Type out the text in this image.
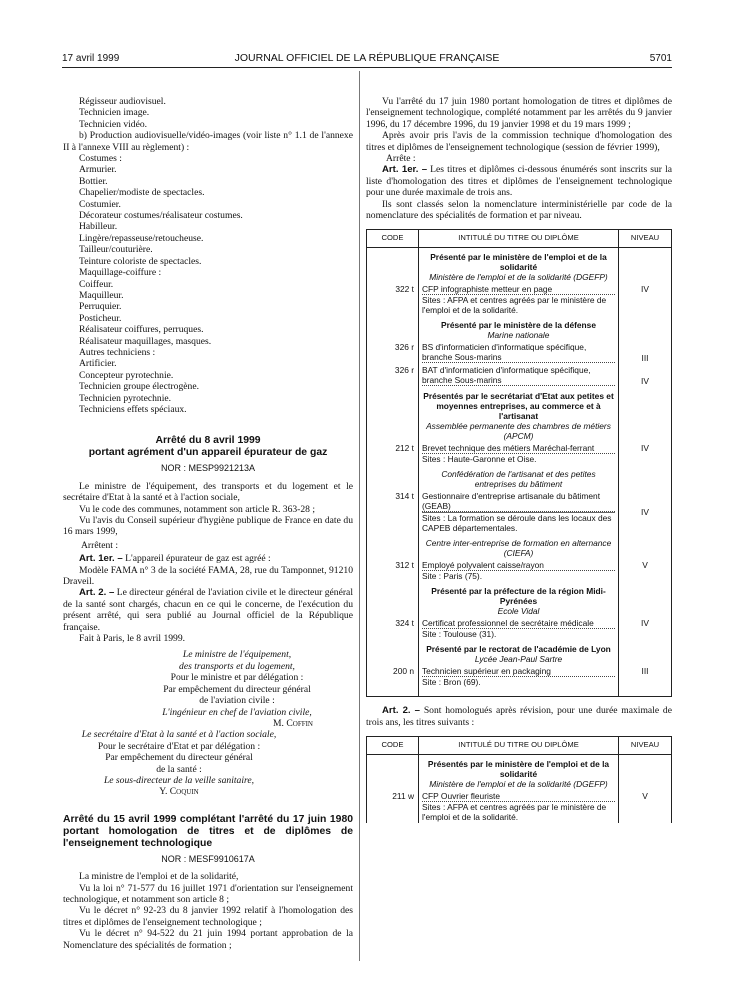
17 avril 1999	JOURNAL OFFICIEL DE LA RÉPUBLIQUE FRANÇAISE	5701

Régisseur audiovisuel.

Technicien image.

Technicien vidéo.

b) Production audiovisuelle/vidéo-images (voir liste n° 1.1 de l'annexe II à l'annexe VIII au règlement) :

Costumes :

Armurier.

Bottier.

Chapelier/modiste de spectacles.

Costumier.

Décorateur costumes/réalisateur costumes.

Habilleur.

Lingère/repasseuse/retoucheuse.

Tailleur/couturière.

Teinture coloriste de spectacles.

Maquillage-coiffure :

Coiffeur.

Maquilleur.

Perruquier.

Posticheur.

Réalisateur coiffures, perruques.

Réalisateur maquillages, masques.

Autres techniciens :

Artificier.

Concepteur pyrotechnie.

Technicien groupe électrogène.

Technicien pyrotechnie.

Techniciens effets spéciaux.

Arrêté du 8 avril 1999
portant agrément d'un appareil épurateur de gaz
NOR : MESP9921213A

Le ministre de l'équipement, des transports et du logement et le secrétaire d'Etat à la santé et à l'action sociale,

Vu le code des communes, notamment son article R. 363-28 ;

Vu l'avis du Conseil supérieur d'hygiène publique de France en date du 16 mars 1999,

Arrêtent :

Art. 1er. – L'appareil épurateur de gaz est agréé :

Modèle FAMA n° 3 de la société FAMA, 28, rue du Tamponnet, 91210 Draveil.

Art. 2. – Le directeur général de l'aviation civile et le directeur général de la santé sont chargés, chacun en ce qui le concerne, de l'exécution du présent arrêté, qui sera publié au Journal officiel de la République française.

Fait à Paris, le 8 avril 1999.

Le ministre de l'équipement,

des transports et du logement,

Pour le ministre et par délégation :

Par empêchement du directeur général

de l'aviation civile :

L'ingénieur en chef de l'aviation civile,

M. Coffin

Le secrétaire d'Etat à la santé et à l'action sociale,

Pour le secrétaire d'Etat et par délégation :

Par empêchement du directeur général

de la santé :

Le sous-directeur de la veille sanitaire,

Y. Coquin

Arrêté du 15 avril 1999 complétant l'arrêté du 17 juin 1980 portant homologation de titres et de diplômes de l'enseignement technologique
NOR : MESF9910617A

La ministre de l'emploi et de la solidarité,

Vu la loi n° 71-577 du 16 juillet 1971 d'orientation sur l'enseignement technologique, et notamment son article 8 ;

Vu le décret n° 92-23 du 8 janvier 1992 relatif à l'homologation des titres et diplômes de l'enseignement technologique ;

Vu le décret n° 94-522 du 21 juin 1994 portant approbation de la Nomenclature des spécialités de formation ;

Vu l'arrêté du 17 juin 1980 portant homologation de titres et diplômes de l'enseignement technologique, complété notamment par les arrêtés du 9 janvier 1996, du 17 décembre 1996, du 19 janvier 1998 et du 19 mars 1999 ;

Après avoir pris l'avis de la commission technique d'homologation des titres et diplômes de l'enseignement technologique (session de février 1999),

Arrête :

Art. 1er. – Les titres et diplômes ci-dessous énumérés sont inscrits sur la liste d'homologation des titres et diplômes de l'enseignement technologique pour une durée maximale de trois ans.

Ils sont classés selon la nomenclature interministérielle par code de la nomenclature des spécialités de formation et par niveau.

CODE	INTITULÉ DU TITRE OU DIPLÔME	NIVEAU

	Présenté par le ministère de l'emploi et de la solidarité
Ministère de l'emploi et de la solidarité (DGEFP)	

322 t	CFP infographiste metteur en page
Sites : AFPA et centres agréés par le ministère de l'emploi et de la solidarité.	IV

	Présenté par le ministère de la défense
Marine nationale	

326 r	BS d'informaticien d'informatique spécifique, branche Sous-marins	III
326 r	BAT d'informaticien d'informatique spécifique, branche Sous-marins	IV

	Présentés par le secrétariat d'Etat aux petites et moyennes entreprises, au commerce et à l'artisanat
Assemblée permanente des chambres de métiers (APCM)	

212 t	Brevet technique des métiers Maréchal-ferrant
Sites : Haute-Garonne et Oise.	IV

	Confédération de l'artisanat et des petites entreprises du bâtiment	

314 t	Gestionnaire d'entreprise artisanale du bâtiment (GEAB)
Sites : La formation se déroule dans les locaux des CAPEB départementales.	IV

	Centre inter-entreprise de formation en alternance (CIEFA)	

312 t	Employé polyvalent caisse/rayon
Site : Paris (75).	V

	Présenté par la préfecture de la région Midi-Pyrénées
Ecole Vidal	

324 t	Certificat professionnel de secrétaire médicale
Site : Toulouse (31).	IV

	Présenté par le rectorat de l'académie de Lyon
Lycée Jean-Paul Sartre	

200 n	Technicien supérieur en packaging
Site : Bron (69).	III

Art. 2. – Sont homologués après révision, pour une durée maximale de trois ans, les titres suivants :

CODE	INTITULÉ DU TITRE OU DIPLÔME	NIVEAU

	Présentés par le ministère de l'emploi et de la solidarité
Ministère de l'emploi et de la solidarité (DGEFP)	

211 w	CFP Ouvrier fleuriste
Sites : AFPA et centres agréés par le ministère de l'emploi et de la solidarité.	V
